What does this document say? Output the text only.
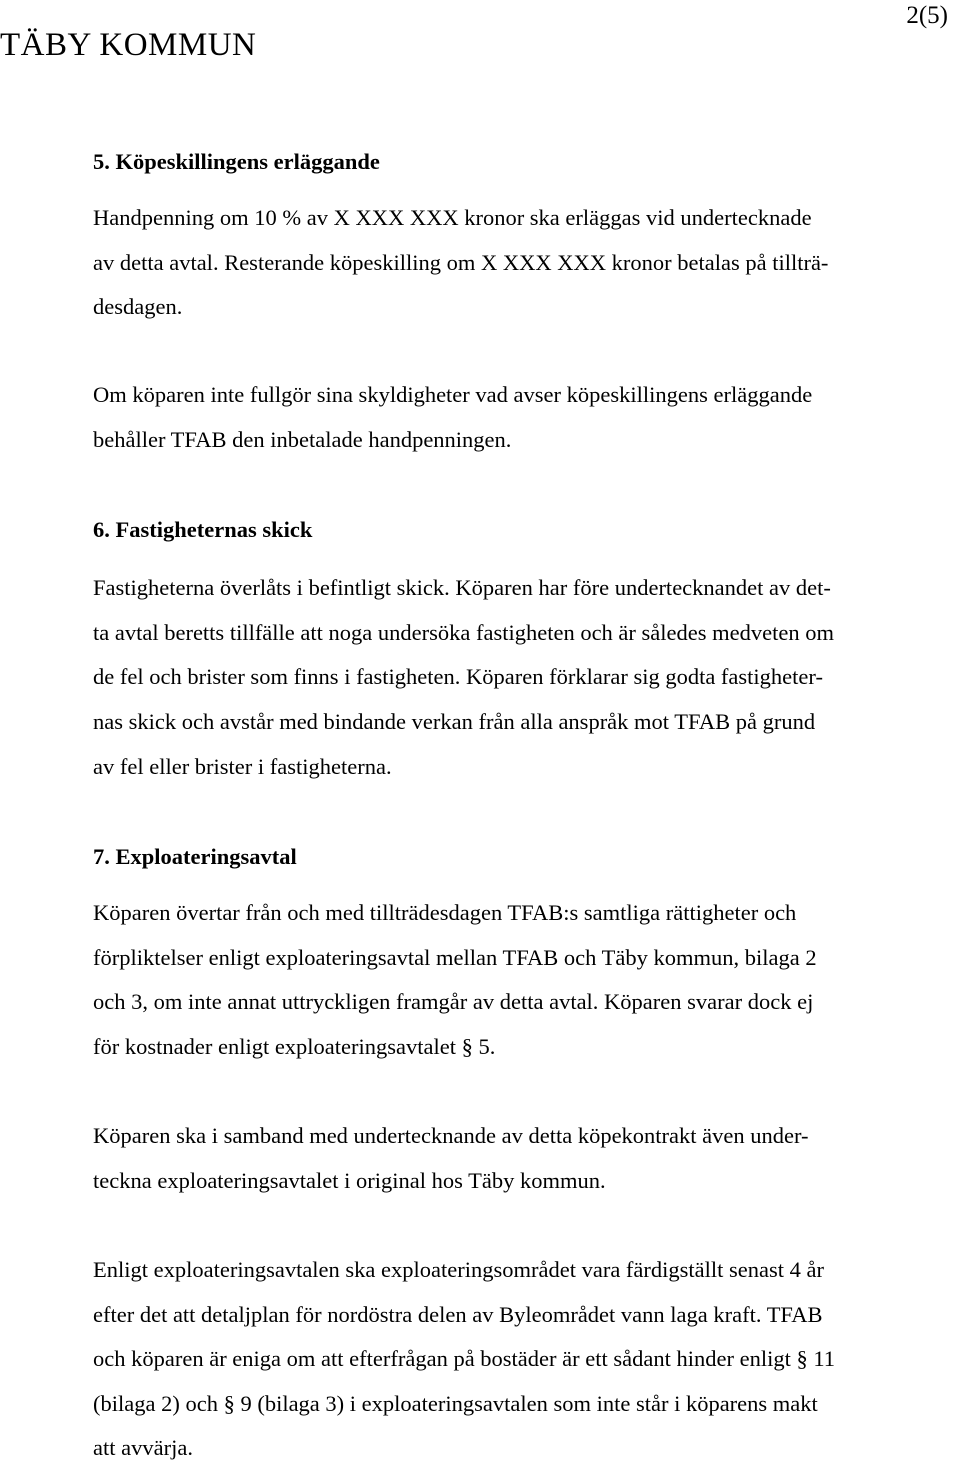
TÄBY KOMMUN
2(5)
5. Köpeskillingens erläggande
Handpenning om 10 % av X XXX XXX kronor ska erläggas vid undertecknade
av detta avtal. Resterande köpeskilling om X XXX XXX kronor betalas på tillträ-
desdagen.
Om köparen inte fullgör sina skyldigheter vad avser köpeskillingens erläggande
behåller TFAB den inbetalade handpenningen.
6. Fastigheternas skick
Fastigheterna överlåts i befintligt skick. Köparen har före undertecknandet av det-
ta avtal beretts tillfälle att noga undersöka fastigheten och är således medveten om
de fel och brister som finns i fastigheten. Köparen förklarar sig godta fastigheter-
nas skick och avstår med bindande verkan från alla anspråk mot TFAB på grund
av fel eller brister i fastigheterna.
7. Exploateringsavtal
Köparen övertar från och med tillträdesdagen TFAB:s samtliga rättigheter och
förpliktelser enligt exploateringsavtal mellan TFAB och Täby kommun, bilaga 2
och 3, om inte annat uttryckligen framgår av detta avtal. Köparen svarar dock ej
för kostnader enligt exploateringsavtalet § 5.
Köparen ska i samband med undertecknande av detta köpekontrakt även under-
teckna exploateringsavtalet i original hos Täby kommun.
Enligt exploateringsavtalen ska exploateringsområdet vara färdigställt senast 4 år
efter det att detaljplan för nordöstra delen av Byleområdet vann laga kraft. TFAB
och köparen är eniga om att efterfrågan på bostäder är ett sådant hinder enligt § 11
(bilaga 2) och § 9 (bilaga 3) i exploateringsavtalen som inte står i köparens makt
att avvärja.
